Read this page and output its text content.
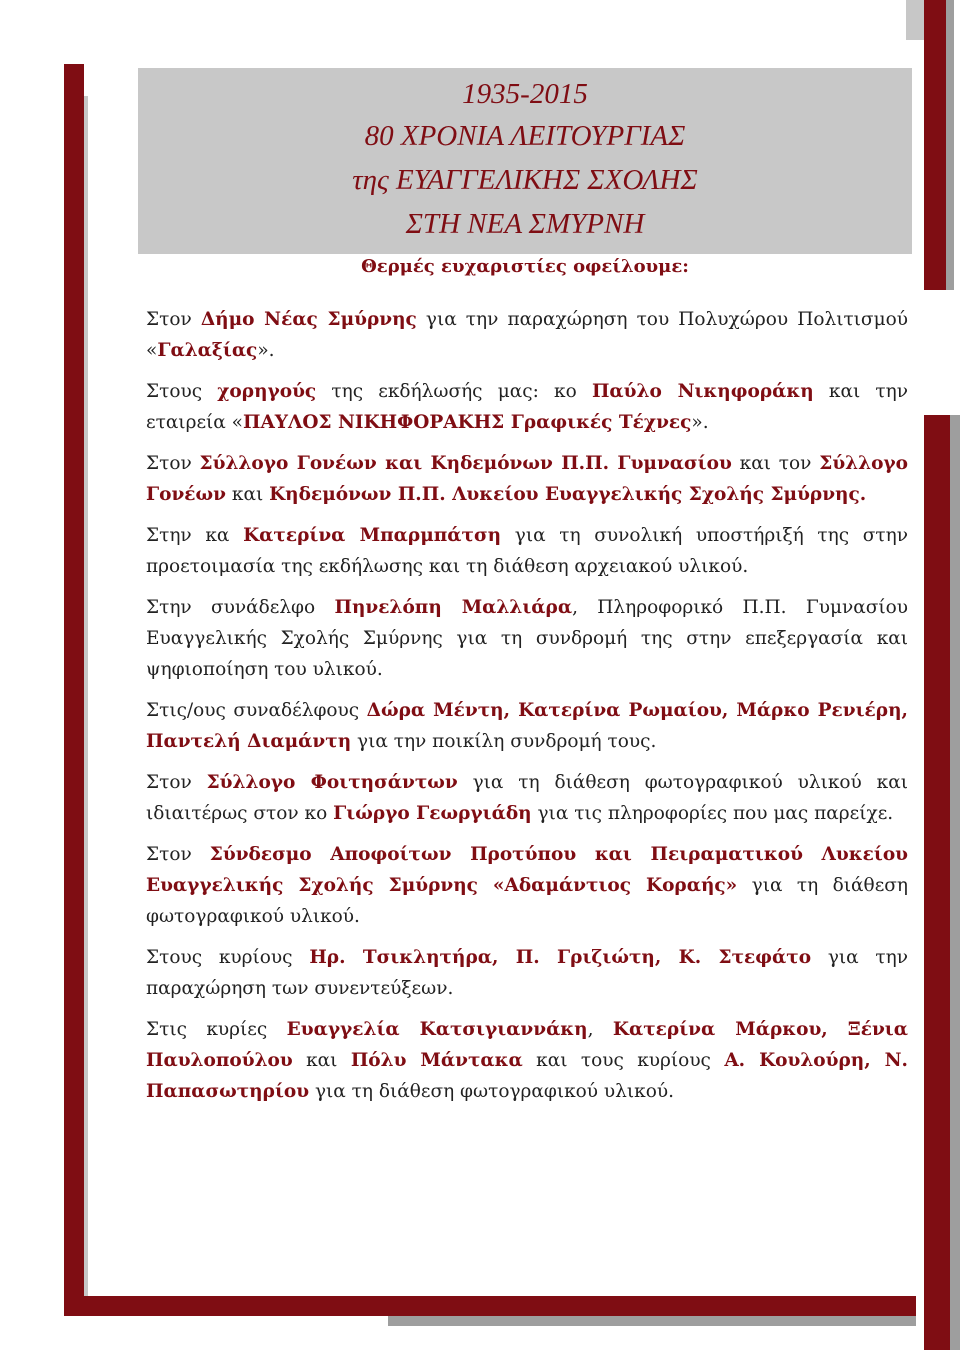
1935-2015
80 ΧΡΟΝΙΑ ΛΕΙΤΟΥΡΓΙΑΣ
της ΕΥΑΓΓΕΛΙΚΗΣ ΣΧΟΛΗΣ
ΣΤΗ ΝΕΑ ΣΜΥΡΝΗ
Θερμές ευχαριστίες οφείλουμε:

Στον Δήμο Νέας Σμύρνης για την παραχώρηση του Πολυχώρου Πολιτισμού «Γαλαξίας».

Στους χορηγούς της εκδήλωσής μας: κο Παύλο Νικηφοράκη και την εταιρεία «ΠΑΥΛΟΣ ΝΙΚΗΦΟΡΑΚΗΣ Γραφικές Τέχνες».

Στον Σύλλογο Γονέων και Κηδεμόνων Π.Π. Γυμνασίου και τον Σύλλογο Γονέων και Κηδεμόνων Π.Π. Λυκείου Ευαγγελικής Σχολής Σμύρνης.

Στην κα Κατερίνα Μπαρμπάτση για τη συνολική υποστήριξή της στην προετοιμασία της εκδήλωσης και τη διάθεση αρχειακού υλικού.

Στην συνάδελφο Πηνελόπη Μαλλιάρα, Πληροφορικό Π.Π. Γυμνασίου Ευαγγελικής Σχολής Σμύρνης για τη συνδρομή της στην επεξεργασία και ψηφιοποίηση του υλικού.

Στις/ους συναδέλφους Δώρα Μέντη, Κατερίνα Ρωμαίου, Μάρκο Ρενιέρη, Παντελή Διαμάντη για την ποικίλη συνδρομή τους.

Στον Σύλλογο Φοιτησάντων για τη διάθεση φωτογραφικού υλικού και ιδιαιτέρως στον κο Γιώργο Γεωργιάδη για τις πληροφορίες που μας παρείχε.

Στον Σύνδεσμο Αποφοίτων Προτύπου και Πειραματικού Λυκείου Ευαγγελικής Σχολής Σμύρνης «Αδαμάντιος Κοραής» για τη διάθεση φωτογραφικού υλικού.

Στους κυρίους Ηρ. Τσικλητήρα, Π. Γριζιώτη, Κ. Στεφάτο για την παραχώρηση των συνεντεύξεων.

Στις κυρίες Ευαγγελία Κατσιγιαννάκη, Κατερίνα Μάρκου, Ξένια Παυλοπούλου και Πόλυ Μάντακα και τους κυρίους Α. Κουλούρη, Ν. Παπασωτηρίου για τη διάθεση φωτογραφικού υλικού.
